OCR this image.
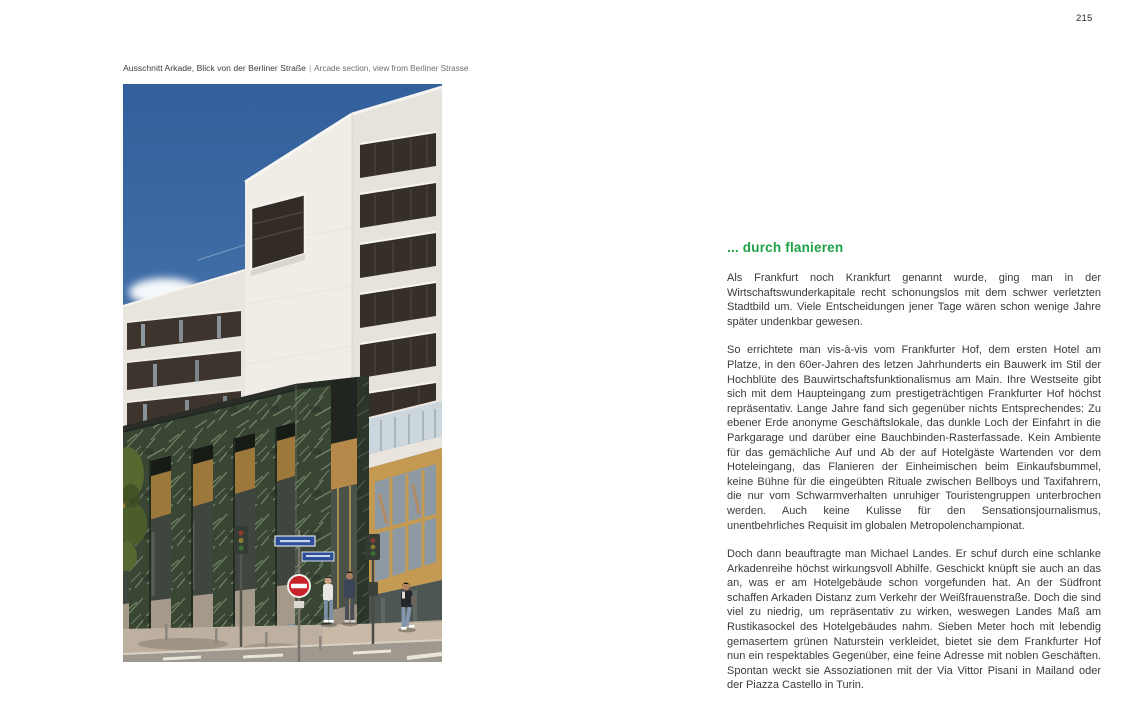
215
Ausschnitt Arkade, Blick von der Berliner Straße | Arcade section, view from Berliner Strasse
... durch flanieren

Als Frankfurt noch Krankfurt genannt wurde, ging man in der Wirtschaftswunderkapitale recht schonungslos mit dem schwer verletzten Stadtbild um. Viele Entscheidungen jener Tage wären schon wenige Jahre später undenkbar gewesen.

So errichtete man vis-à-vis vom Frankfurter Hof, dem ersten Hotel am Platze, in den 60er-Jahren des letzen Jahrhunderts ein Bauwerk im Stil der Hochblüte des Bauwirtschaftsfunktionalismus am Main. Ihre Westseite gibt sich mit dem Haupteingang zum prestigeträchtigen Frankfurter Hof höchst repräsentativ. Lange Jahre fand sich gegenüber nichts Entsprechendes: Zu ebener Erde anonyme Geschäftslokale, das dunkle Loch der Einfahrt in die Parkgarage und darüber eine Bauchbinden-Rasterfassade. Kein Ambiente für das gemächliche Auf und Ab der auf Hotelgäste Wartenden vor dem Hoteleingang, das Flanieren der Einheimischen beim Einkaufsbummel, keine Bühne für die eingeübten Rituale zwischen Bellboys und Taxifahrern, die nur vom Schwarmverhalten unruhiger Touristengruppen unterbrochen werden. Auch keine Kulisse für den Sensationsjournalismus, unentbehrliches Requisit im globalen Metropolenchampionat.

Doch dann beauftragte man Michael Landes. Er schuf durch eine schlanke Arkadenreihe höchst wirkungsvoll Abhilfe. Geschickt knüpft sie auch an das an, was er am Hotelgebäude schon vorgefunden hat. An der Südfront schaffen Arkaden Distanz zum Verkehr der Weißfrauenstraße. Doch die sind viel zu niedrig, um repräsentativ zu wirken, weswegen Landes Maß am Rustikasockel des Hotelgebäudes nahm. Sieben Meter hoch mit lebendig gemasertem grünen Naturstein verkleidet, bietet sie dem Frankfurter Hof nun ein respektables Gegenüber, eine feine Adresse mit noblen Geschäften. Spontan weckt sie Assoziationen mit der Via Vittor Pisani in Mailand oder der Piazza Castello in Turin.
